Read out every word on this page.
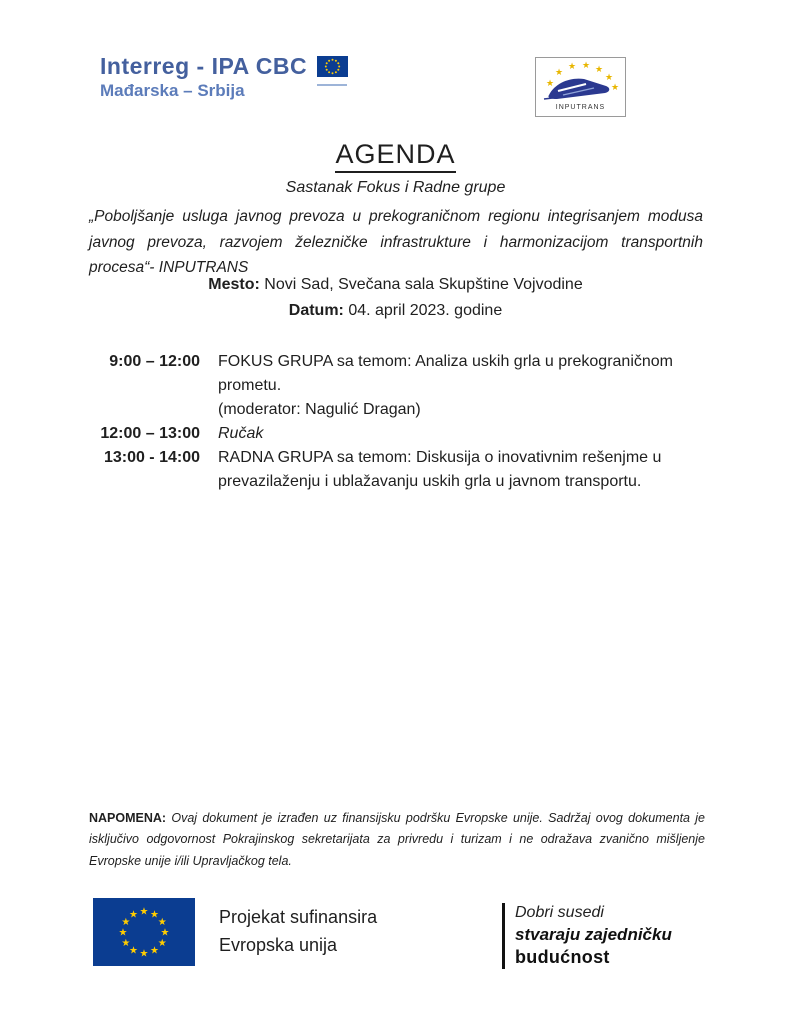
Interreg - IPA CBC
Mađarska – Srbija	★
★
★ ★ ★
★
★
INPUTRANS
AGENDA
Sastanak Fokus i Radne grupe
„Poboljšanje usluga javnog prevoza u prekograničnom regionu integrisanjem modusa javnog prevoza, razvojem železničke infrastrukture i harmonizacijom transportnih procesa“- INPUTRANS
Mesto: Novi Sad, Svečana sala Skupštine Vojvodine
Datum: 04. april 2023. godine
9:00 – 12:00 FOKUS GRUPA sa temom: Analiza uskih grla u prekograničnom prometu.

(moderator: Nagulić Dragan)

12:00 – 13:00 Ručak

13:00 - 14:00 RADNA GRUPA sa temom: Diskusija o inovativnim rešenjme u prevazilaženju i ublažavanju uskih grla u javnom transportu.

NAPOMENA: Ovaj dokument je izrađen uz finansijsku podršku Evropske unije. Sadržaj ovog dokumenta je isključivo odgovornost Pokrajinskog sekretarijata za privredu i turizam i ne odražava zvanično mišljenje Evropske unije i/ili Upravljačkog tela.
★ ★
★
★
★
★
★
★
★
★
★
★	Projekat sufinansira
Evropska unija
Dobri susedi
stvaraju zajedničku
budućnost
